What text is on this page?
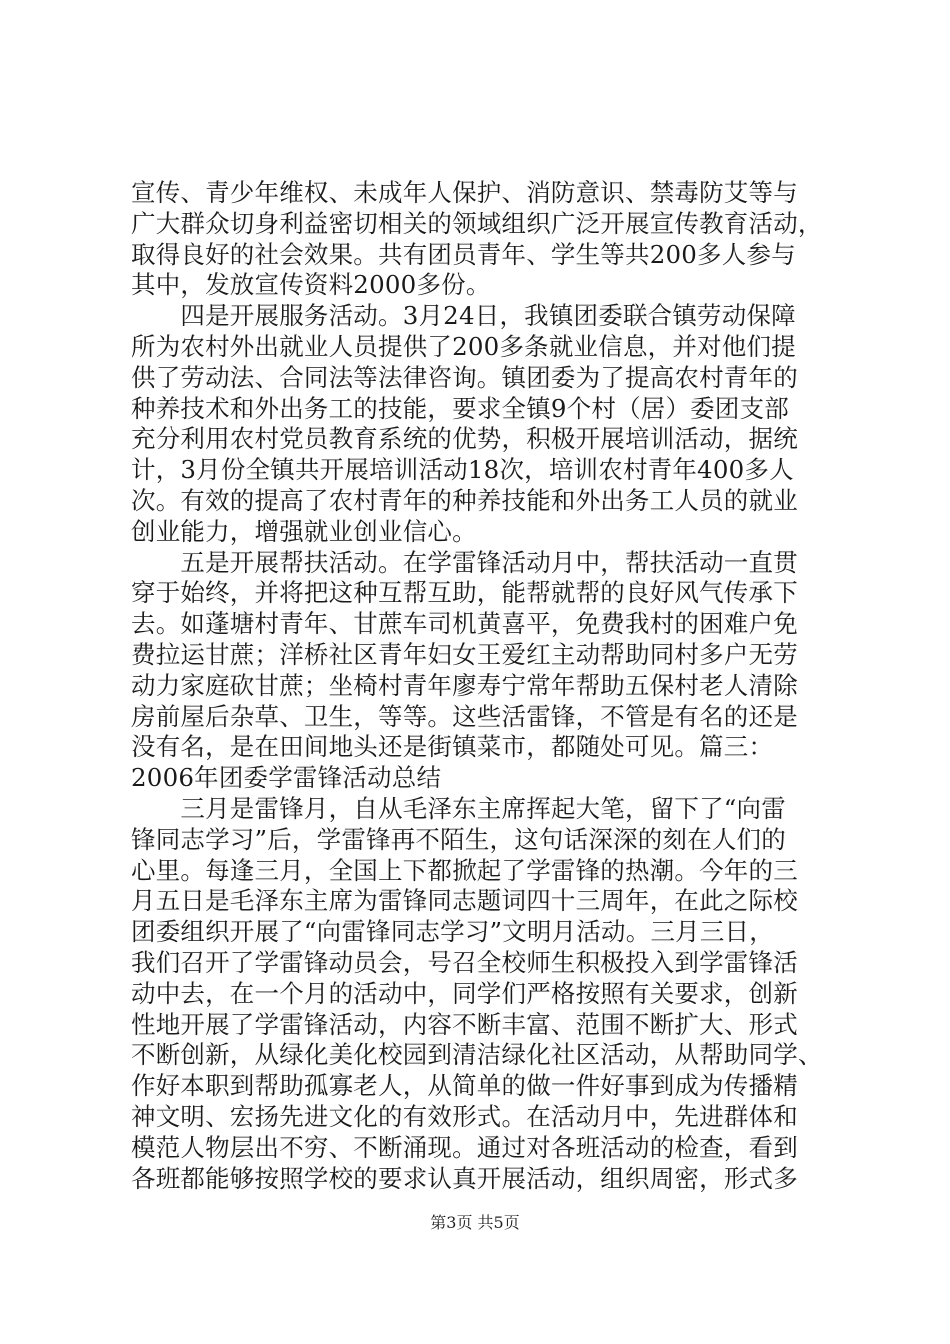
宣传、青少年维权、未成年人保护、消防意识、禁毒防艾等与
广大群众切身利益密切相关的领域组织广泛开展宣传教育活动，
取得良好的社会效果。共有团员青年、学生等共200多人参与
其中，发放宣传资料2000多份。
　　四是开展服务活动。3月24日，我镇团委联合镇劳动保障
所为农村外出就业人员提供了200多条就业信息，并对他们提
供了劳动法、合同法等法律咨询。镇团委为了提高农村青年的
种养技术和外出务工的技能，要求全镇9个村（居）委团支部
充分利用农村党员教育系统的优势，积极开展培训活动，据统
计，3月份全镇共开展培训活动18次，培训农村青年400多人
次。有效的提高了农村青年的种养技能和外出务工人员的就业
创业能力，增强就业创业信心。
　　五是开展帮扶活动。在学雷锋活动月中，帮扶活动一直贯
穿于始终，并将把这种互帮互助，能帮就帮的良好风气传承下
去。如蓬塘村青年、甘蔗车司机黄喜平，免费我村的困难户免
费拉运甘蔗；洋桥社区青年妇女王爱红主动帮助同村多户无劳
动力家庭砍甘蔗；坐椅村青年廖寿宁常年帮助五保村老人清除
房前屋后杂草、卫生，等等。这些活雷锋，不管是有名的还是
没有名，是在田间地头还是街镇菜市，都随处可见。篇三：
2006年团委学雷锋活动总结
　　三月是雷锋月，自从毛泽东主席挥起大笔，留下了“向雷
锋同志学习”后，学雷锋再不陌生，这句话深深的刻在人们的
心里。每逢三月，全国上下都掀起了学雷锋的热潮。今年的三
月五日是毛泽东主席为雷锋同志题词四十三周年，在此之际校
团委组织开展了“向雷锋同志学习”文明月活动。三月三日，
我们召开了学雷锋动员会，号召全校师生积极投入到学雷锋活
动中去，在一个月的活动中，同学们严格按照有关要求，创新
性地开展了学雷锋活动，内容不断丰富、范围不断扩大、形式
不断创新，从绿化美化校园到清洁绿化社区活动，从帮助同学、
作好本职到帮助孤寡老人，从简单的做一件好事到成为传播精
神文明、宏扬先进文化的有效形式。在活动月中，先进群体和
模范人物层出不穷、不断涌现。通过对各班活动的检查，看到
各班都能够按照学校的要求认真开展活动，组织周密，形式多
第3页 共5页
